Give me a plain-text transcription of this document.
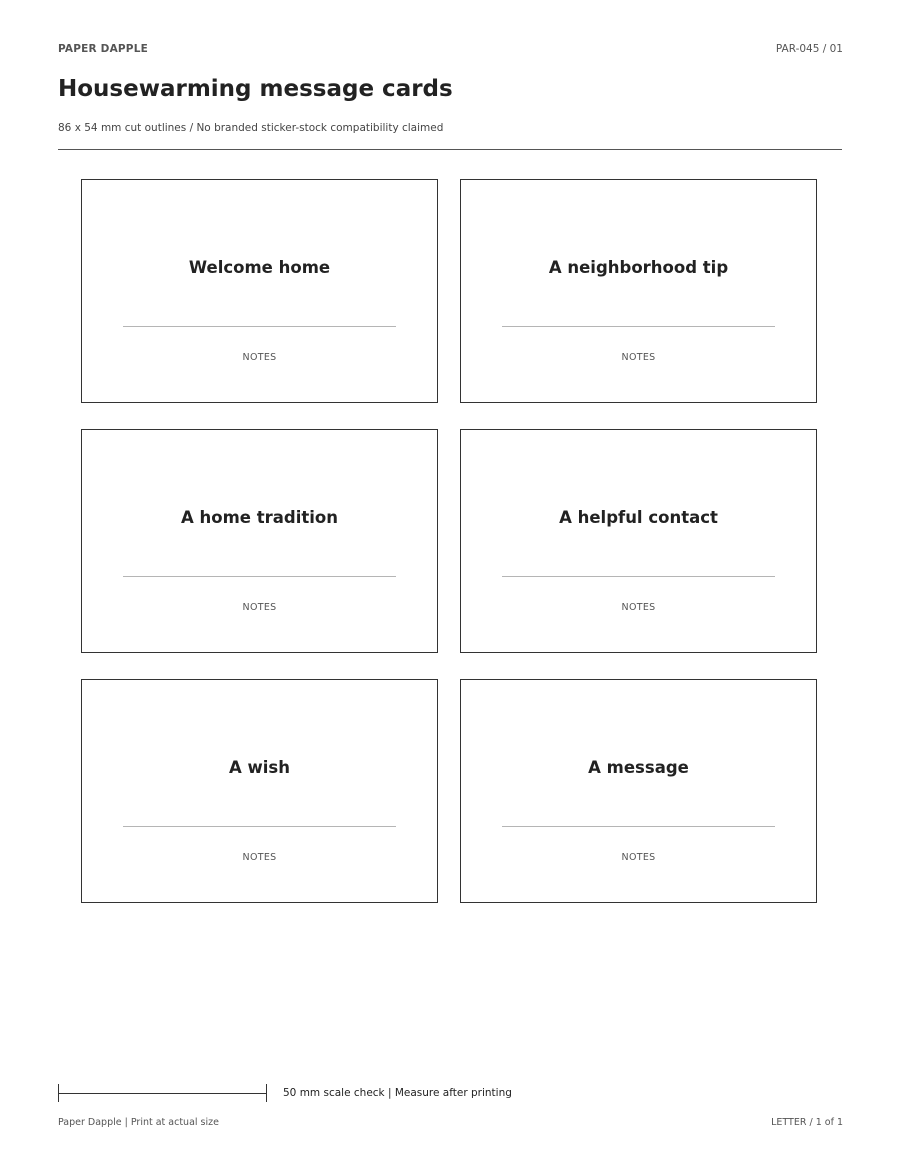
PAPER DAPPLE	PAR-045 / 01
Housewarming message cards
86 x 54 mm cut outlines / No branded sticker-stock compatibility claimed
Welcome home
NOTES
A neighborhood tip
NOTES
A home tradition
NOTES
A helpful contact
NOTES
A wish
NOTES
A message
NOTES
50 mm scale check | Measure after printing
Paper Dapple | Print at actual size	LETTER / 1 of 1
